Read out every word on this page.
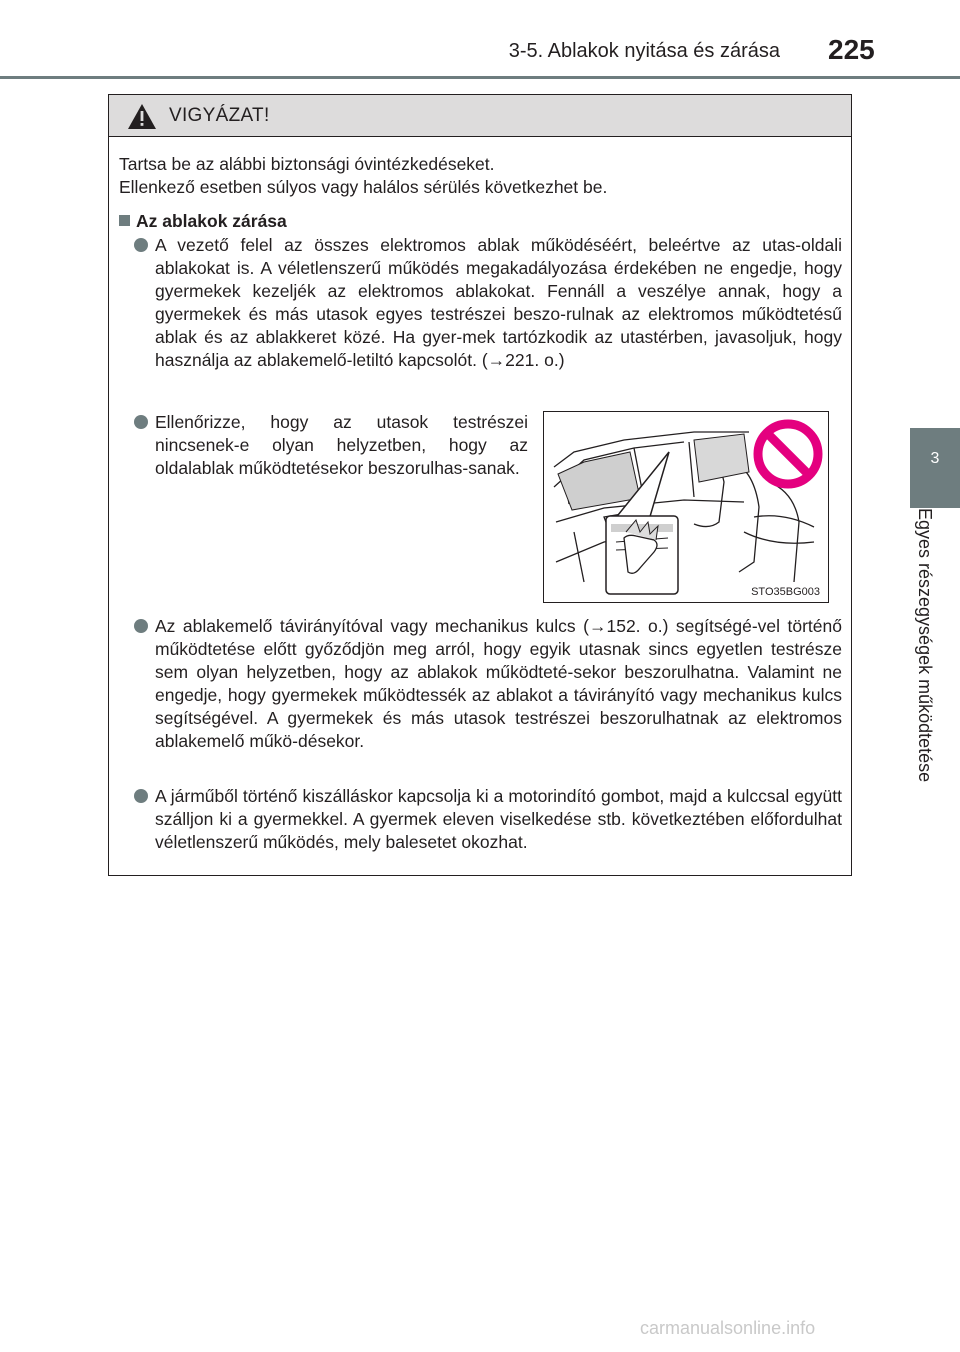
3-5. Ablakok nyitása és zárása 225
3
Egyes részegységek működtetése
VIGYÁZAT!
Tartsa be az alábbi biztonsági óvintézkedéseket.
Ellenkező esetben súlyos vagy halálos sérülés következhet be.
Az ablakok zárása
A vezető felel az összes elektromos ablak működéséért, beleértve az utas-oldali ablakokat is. A véletlenszerű működés megakadályozása érdekében ne engedje, hogy gyermekek kezeljék az elektromos ablakokat. Fennáll a veszélye annak, hogy a gyermekek és más utasok egyes testrészei beszo-rulnak az elektromos működtetésű ablak és az ablakkeret közé. Ha gyer-mek tartózkodik az utastérben, javasoljuk, hogy használja az ablakemelő-letiltó kapcsolót. (→221. o.)
Ellenőrizze, hogy az utasok testrészei nincsenek-e olyan helyzetben, hogy az oldalablak működtetésekor beszorulhas-sanak.
STO35BG003
Az ablakemelő távirányítóval vagy mechanikus kulcs (→152. o.) segítségé-vel történő működtetése előtt győződjön meg arról, hogy egyik utasnak sincs egyetlen testrésze sem olyan helyzetben, hogy az ablakok működteté-sekor beszorulhatna. Valamint ne engedje, hogy gyermekek működtessék az ablakot a távirányító vagy mechanikus kulcs segítségével. A gyermekek és más utasok testrészei beszorulhatnak az elektromos ablakemelő műkö-désekor.
A járműből történő kiszálláskor kapcsolja ki a motorindító gombot, majd a kulccsal együtt szálljon ki a gyermekkel. A gyermek eleven viselkedése stb. következtében előfordulhat véletlenszerű működés, mely balesetet okozhat.
carmanualsonline.info
